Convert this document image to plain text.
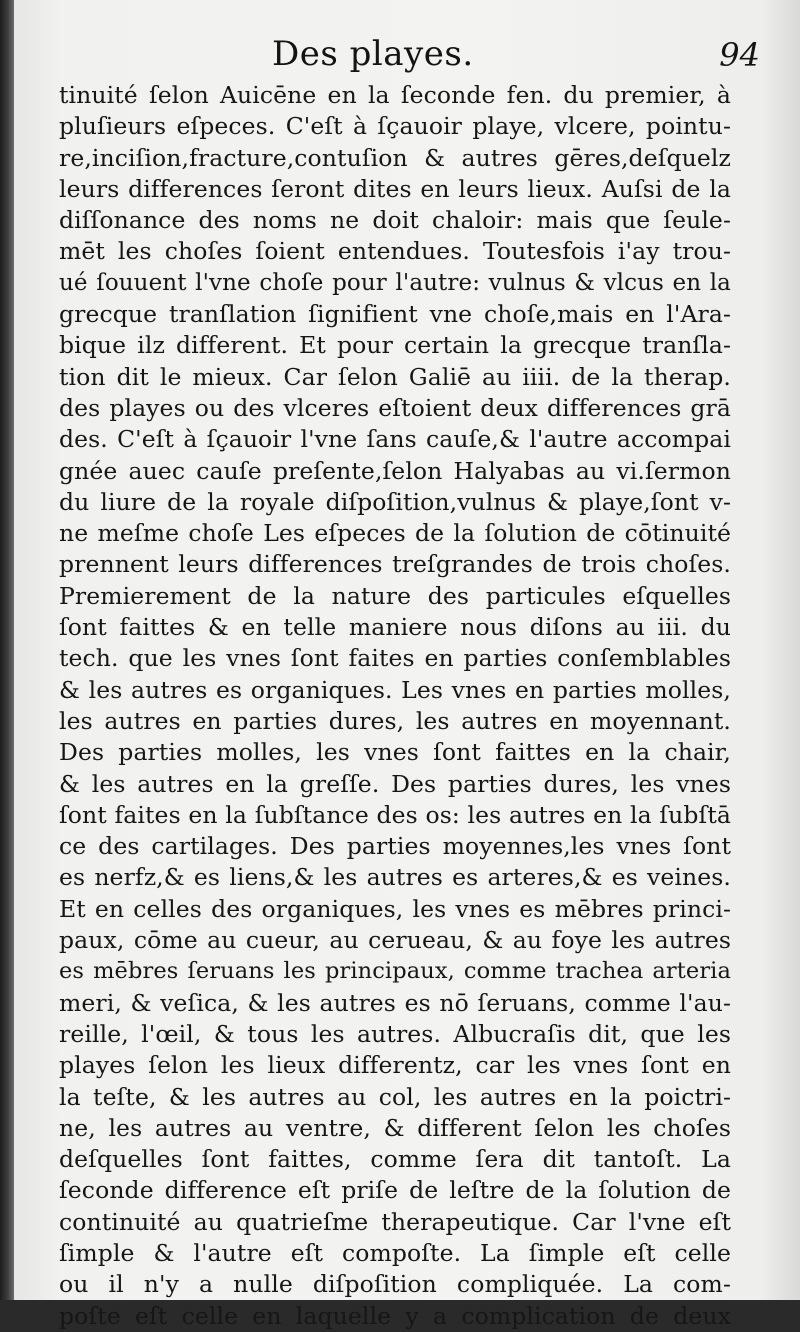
Des playes.	94
tinuité ſelon Auicēne en la ſeconde fen. du premier, à
pluſieurs eſpeces. C'eſt à ſçauoir playe, vlcere, pointu-
re,inciſion,fracture,contuſion & autres gēres,deſquelz
leurs differences ſeront dites en leurs lieux. Auſsi de la
diſſonance des noms ne doit chaloir: mais que ſeule-
mēt les choſes ſoient entendues. Toutesfois i'ay trou-
ué ſouuent l'vne choſe pour l'autre: vulnus & vlcus en la
grecque tranſlation ſignifient vne choſe,mais en l'Ara-
bique ilz different. Et pour certain la grecque tranſla-
tion dit le mieux. Car ſelon Galiē au iiii. de la therap.
des playes ou des vlceres eſtoient deux differences grā
des. C'eſt à ſçauoir l'vne ſans cauſe,& l'autre accompai
gnée auec cauſe preſente,ſelon Halyabas au vi.ſermon
du liure de la royale diſpoſition,vulnus & playe,ſont v-
ne meſme choſe Les eſpeces de la ſolution de cōtinuité
prennent leurs differences treſgrandes de trois choſes.
Premierement de la nature des particules eſquelles
ſont faittes & en telle maniere nous diſons au iii. du
tech. que les vnes ſont faites en parties conſemblables
& les autres es organiques. Les vnes en parties molles,
les autres en parties dures, les autres en moyennant.
Des parties molles, les vnes ſont faittes en la chair,
& les autres en la greſſe. Des parties dures, les vnes
ſont faites en la ſubſtance des os: les autres en la ſubſtā
ce des cartilages. Des parties moyennes,les vnes ſont
es nerfz,& es liens,& les autres es arteres,& es veines.
Et en celles des organiques, les vnes es mēbres princi-
paux, cōme au cueur, au cerueau, & au foye les autres
es mēbres ſeruans les principaux, comme trachea arteria
meri, & veſica, & les autres es nō ſeruans, comme l'au-
reille, l'œil, & tous les autres. Albucraſis dit, que les
playes ſelon les lieux differentz, car les vnes ſont en
la teſte, & les autres au col, les autres en la poictri-
ne, les autres au ventre, & different ſelon les choſes
deſquelles ſont faittes, comme ſera dit tantoſt. La
ſeconde difference eſt priſe de leſtre de la ſolution de
continuité au quatrieſme therapeutique. Car l'vne eſt
ſimple & l'autre eſt compoſte. La ſimple eſt celle
ou il n'y a nulle diſpoſition compliquée. La com-
poſte eſt celle en laquelle y a complication de deux
